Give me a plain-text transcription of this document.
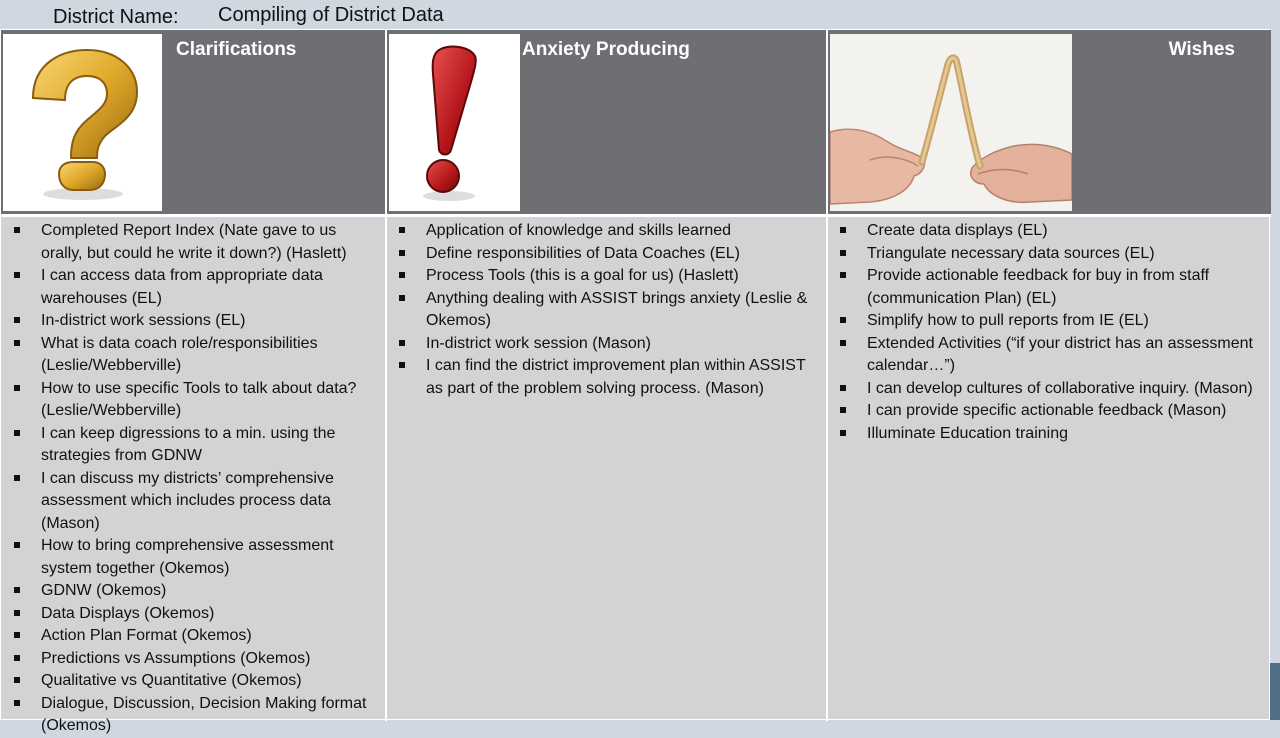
District Name: Compiling of District Data
Clarifications
Completed Report Index (Nate gave to us orally, but could he write it down?) (Haslett)
I can access data from appropriate data warehouses (EL)
In-district work sessions (EL)
What is data coach role/responsibilities (Leslie/Webberville)
How to use specific Tools to talk about data? (Leslie/Webberville)
I can keep digressions to a min. using the strategies from GDNW
I can discuss my districts’ comprehensive assessment which includes process data (Mason)
How to bring comprehensive assessment system together (Okemos)
GDNW (Okemos)
Data Displays (Okemos)
Action Plan Format (Okemos)
Predictions vs Assumptions (Okemos)
Qualitative vs Quantitative (Okemos)
Dialogue, Discussion, Decision Making format (Okemos)
Anxiety Producing
Application of knowledge and skills learned
Define responsibilities of Data Coaches (EL)
Process Tools (this is a goal for us) (Haslett)
Anything dealing with ASSIST brings anxiety (Leslie & Okemos)
In-district work session (Mason)
I can find the district improvement plan within ASSIST as part of the problem solving process. (Mason)
Wishes
Create data displays (EL)
Triangulate necessary data sources (EL)
Provide actionable feedback for buy in from staff (communication Plan) (EL)
Simplify how to pull reports from IE (EL)
Extended Activities (“if your district has an assessment calendar…”)
I can develop cultures of collaborative inquiry. (Mason)
I can provide specific actionable feedback (Mason)
Illuminate Education training
